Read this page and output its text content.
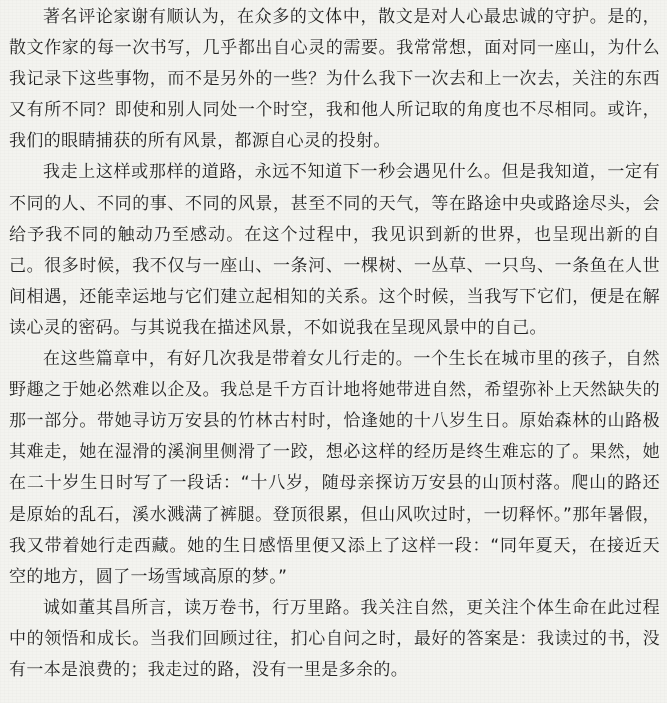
著名评论家谢有顺认为，在众多的文体中，散文是对人心最忠诚的守护。是的，散文作家的每一次书写，几乎都出自心灵的需要。我常常想，面对同一座山，为什么我记录下这些事物，而不是另外的一些？为什么我下一次去和上一次去，关注的东西又有所不同？即使和别人同处一个时空，我和他人所记取的角度也不尽相同。或许，我们的眼睛捕获的所有风景，都源自心灵的投射。

我走上这样或那样的道路，永远不知道下一秒会遇见什么。但是我知道，一定有不同的人、不同的事、不同的风景，甚至不同的天气，等在路途中央或路途尽头，会给予我不同的触动乃至感动。在这个过程中，我见识到新的世界，也呈现出新的自己。很多时候，我不仅与一座山、一条河、一棵树、一丛草、一只鸟、一条鱼在人世间相遇，还能幸运地与它们建立起相知的关系。这个时候，当我写下它们，便是在解读心灵的密码。与其说我在描述风景，不如说我在呈现风景中的自己。

在这些篇章中，有好几次我是带着女儿行走的。一个生长在城市里的孩子，自然野趣之于她必然难以企及。我总是千方百计地将她带进自然，希望弥补上天然缺失的那一部分。带她寻访万安县的竹林古村时，恰逢她的十八岁生日。原始森林的山路极其难走，她在湿滑的溪涧里侧滑了一跤，想必这样的经历是终生难忘的了。果然，她在二十岁生日时写了一段话：“十八岁，随母亲探访万安县的山顶村落。爬山的路还是原始的乱石，溪水溅满了裤腿。登顶很累，但山风吹过时，一切释怀。”那年暑假，我又带着她行走西藏。她的生日感悟里便又添上了这样一段：“同年夏天，在接近天空的地方，圆了一场雪域高原的梦。”

诚如董其昌所言，读万卷书，行万里路。我关注自然，更关注个体生命在此过程中的领悟和成长。当我们回顾过往，扪心自问之时，最好的答案是：我读过的书，没有一本是浪费的；我走过的路，没有一里是多余的。
